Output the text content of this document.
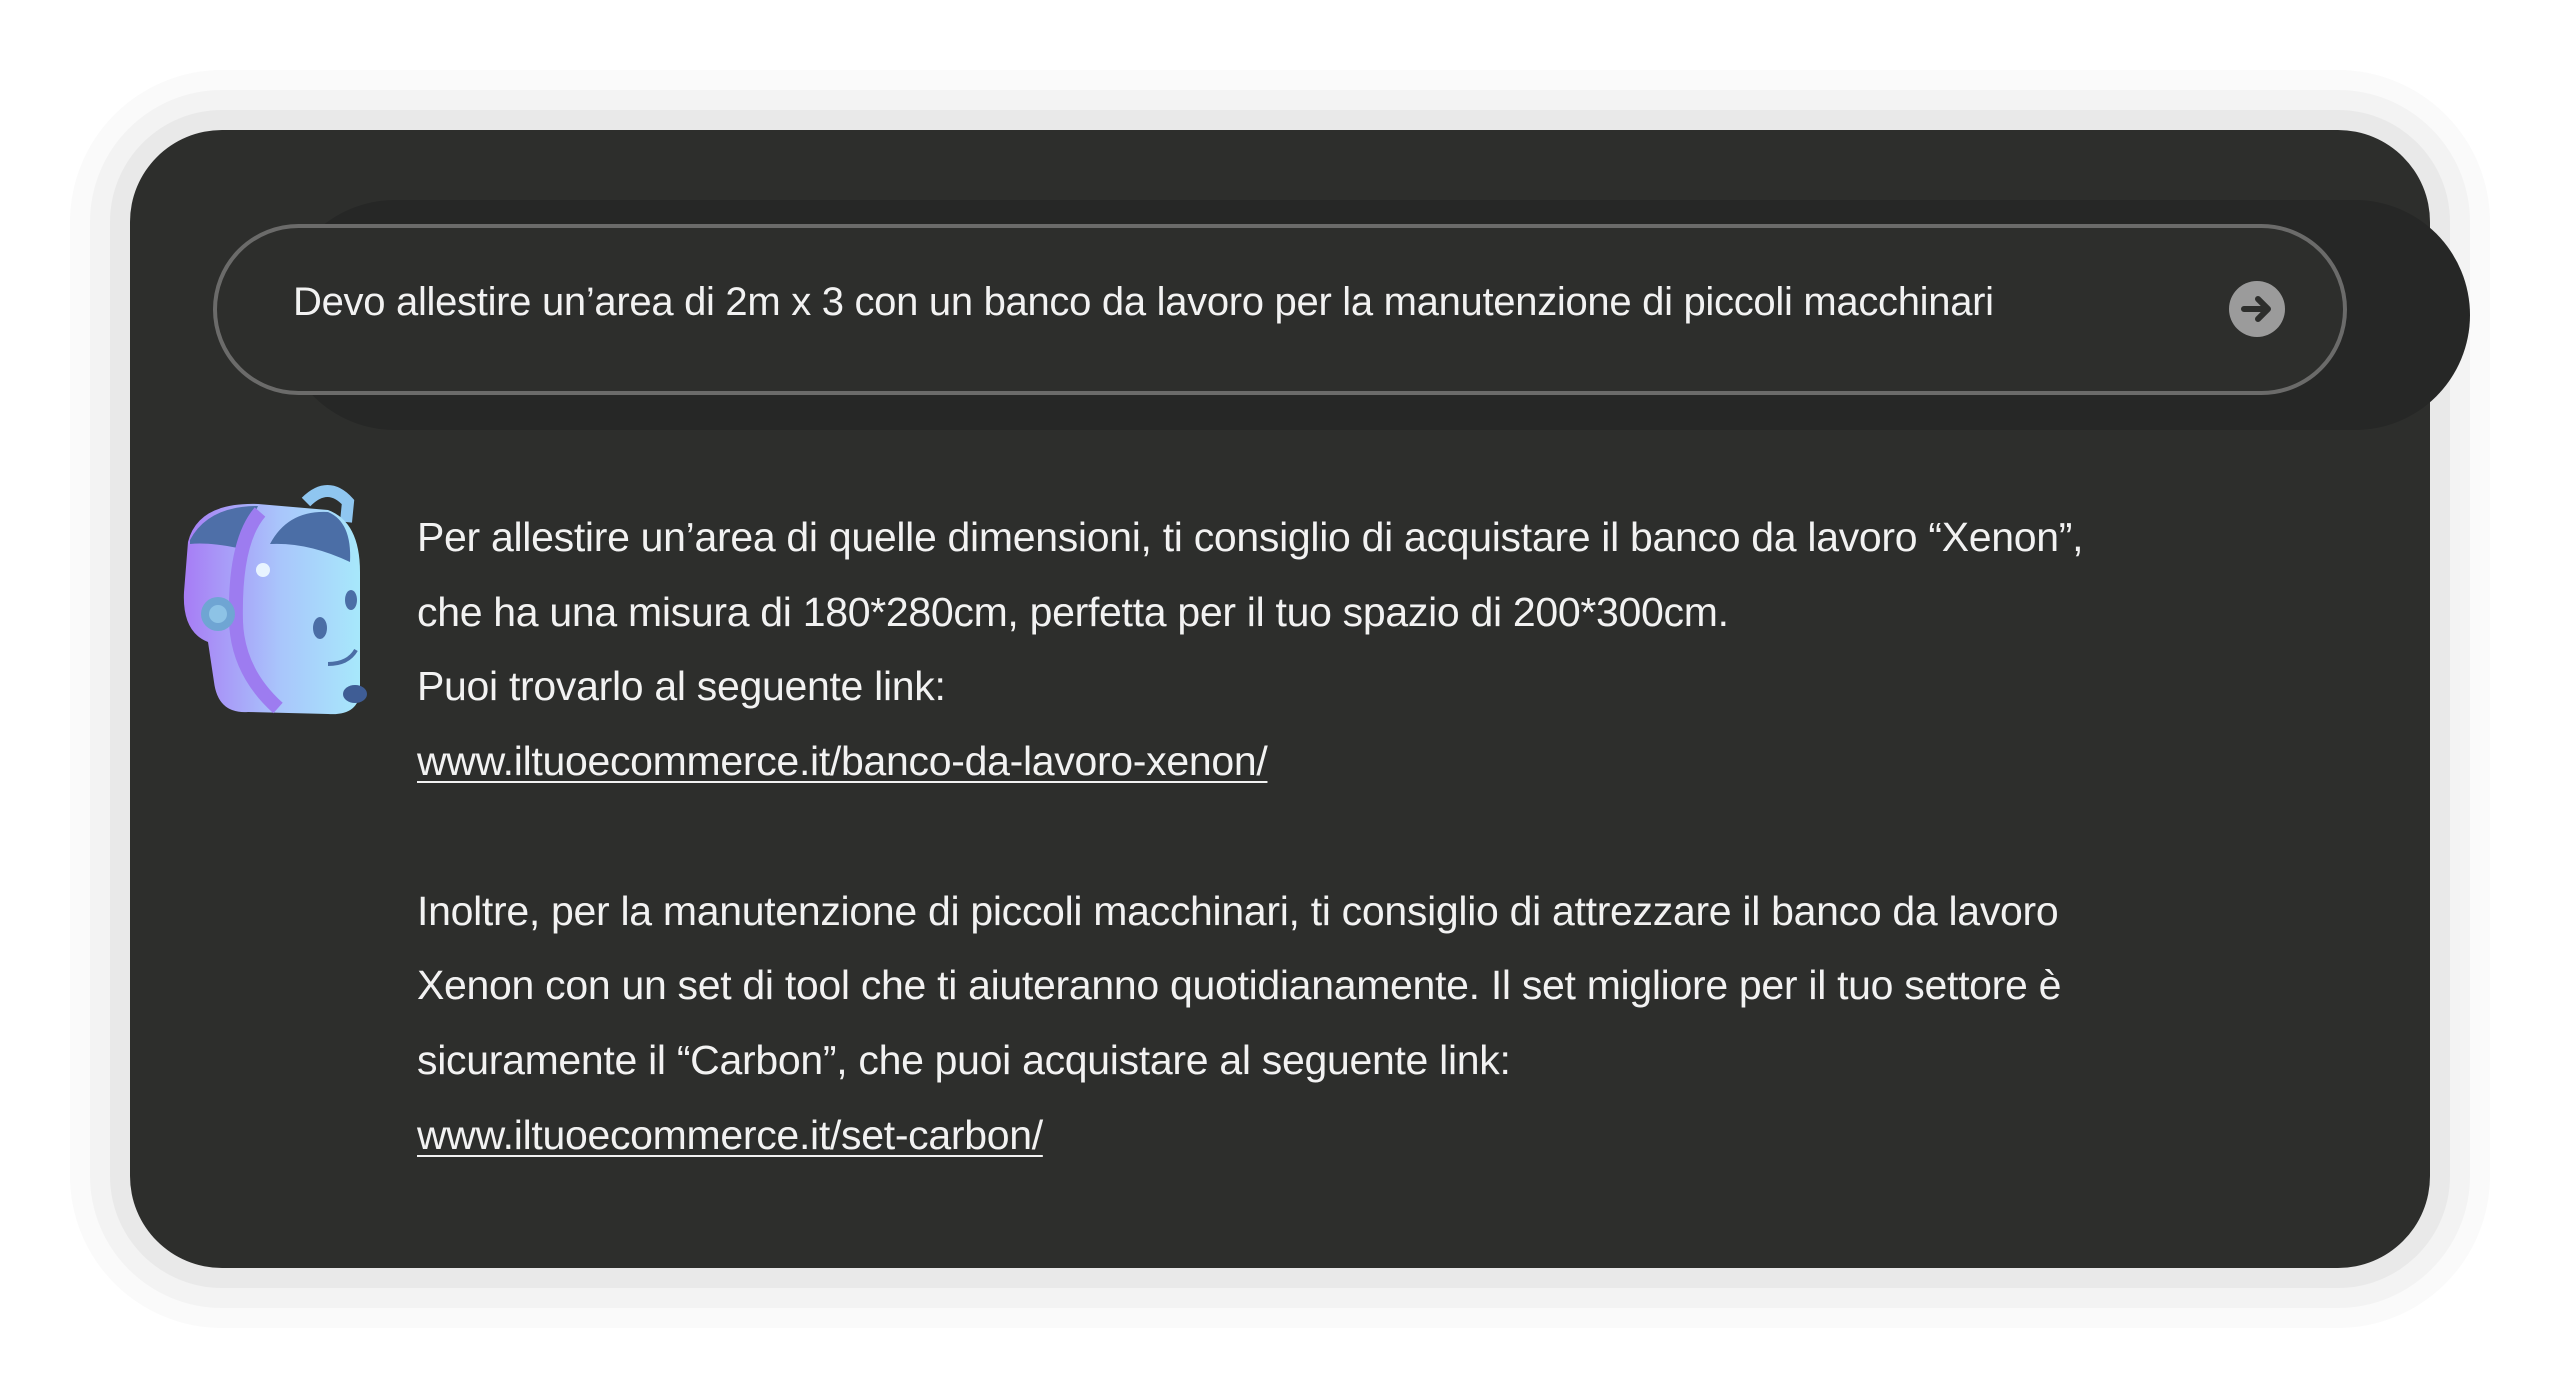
Devo allestire un’area di 2m x 3 con un banco da lavoro per la manutenzione di piccoli macchinari

Per allestire un’area di quelle dimensioni, ti consiglio di acquistare il banco da lavoro “Xenon”,

che ha una misura di 180*280cm, perfetta per il tuo spazio di 200*300cm.

Puoi trovarlo al seguente link:

www.iltuoecommerce.it/banco-da-lavoro-xenon/

Inoltre, per la manutenzione di piccoli macchinari, ti consiglio di attrezzare il banco da lavoro

Xenon con un set di tool che ti aiuteranno quotidianamente. Il set migliore per il tuo settore è

sicuramente il “Carbon”, che puoi acquistare al seguente link:

www.iltuoecommerce.it/set-carbon/
